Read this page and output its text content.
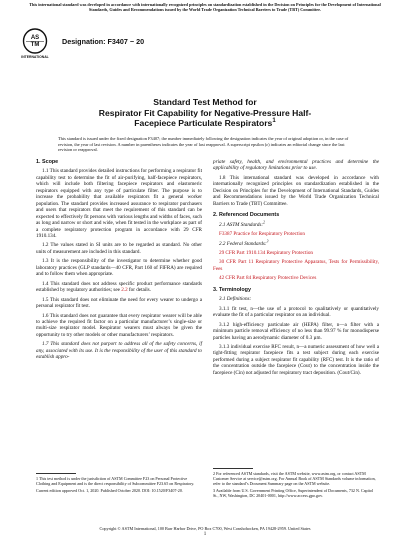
This international standard was developed in accordance with internationally recognized principles on standardization established in the Decision on Principles for the Development of International Standards, Guides and Recommendations issued by the World Trade Organization Technical Barriers to Trade (TBT) Committee.
AS
TM
INTERNATIONAL
Designation: F3407 − 20
Standard Test Method for
Respirator Fit Capability for Negative-Pressure Half-
Facepiece Particulate Respirators$^1$
This standard is issued under the fixed designation F3407; the number immediately following the designation indicates the year of original adoption or, in the case of revision, the year of last revision. A number in parentheses indicates the year of last reapproval. A superscript epsilon (ε) indicates an editorial change since the last revision or reapproval.
1. Scope

1.1 This standard provides detailed instructions for performing a respirator fit capability test to determine the fit of air-purifying, half-facepiece respirators, which will include both filtering facepiece respirators and elastomeric respirators equipped with any type of particulate filter. The purpose is to increase the probability that available respirators fit a general worker population. The standard provides increased assurance to respirator purchasers and users that respirators that meet the requirement of this standard can be expected to effectively fit persons with various lengths and widths of faces, such as long and narrow or short and wide, when fit tested in the workplace as part of a complete respiratory protection program in accordance with 29 CFR 1910.134.

1.2 The values stated in SI units are to be regarded as standard. No other units of measurement are included in this standard.

1.3 It is the responsibility of the investigator to determine whether good laboratory practices (GLP standards—40 CFR, Part 160 of FIFRA) are required and to follow them when appropriate.

1.4 This standard does not address specific product performance standards established by regulatory authorities; see 2.2 for details.

1.5 This standard does not eliminate the need for every wearer to undergo a personal respirator fit test.

1.6 This standard does not guarantee that every respirator wearer will be able to achieve the required fit factor on a particular manufacturer’s single-size or multi-size respirator model. Respirator wearers must always be given the opportunity to try other models or other manufacturers’ respirators.

1.7 This standard does not purport to address all of the safety concerns, if any, associated with its use. It is the responsibility of the user of this standard to establish appro-

priate safety, health, and environmental practices and determine the applicability of regulatory limitations prior to use.

1.8 This international standard was developed in accordance with internationally recognized principles on standardization established in the Decision on Principles for the Development of International Standards, Guides and Recommendations issued by the World Trade Organization Technical Barriers to Trade (TBT) Committee.

2. Referenced Documents

2.1 ASTM Standards:$^2$

F3387 Practice for Respiratory Protection

2.2 Federal Standards:$^3$

29 CFR Part 1910.134 Respiratory Protection

30 CFR Part 11 Respiratory Protective Apparatus, Tests for Permissibility, Fees

42 CFR Part 84 Respiratory Protective Devices

3. Terminology

3.1 Definitions:

3.1.1 fit test, n—the use of a protocol to qualitatively or quantitatively evaluate the fit of a particular respirator on an individual.

3.1.2 high-efficiency particulate air (HEPA) filter, n—a filter with a minimum particle removal efficiency of no less than 99.97 % for monodisperse particles having an aerodynamic diameter of 0.3 µm.

3.1.3 individual exercise RFC result, n—a numeric assessment of how well a tight-fitting respirator facepiece fits a test subject during each exercise performed during a subject respirator fit capability (RFC) test. It is the ratio of the concentration outside the facepiece (Cout) to the concentration inside the facepiece (Cin) not adjusted for respiratory tract deposition. (Cout/Cin).

1 This test method is under the jurisdiction of ASTM Committee F23 on Personal Protective Clothing and Equipment and is the direct responsibility of Subcommittee F23.65 on Respiratory.

Current edition approved Oct. 1, 2020. Published October 2020. DOI: 10.1520/F3407-20.

2 For referenced ASTM standards, visit the ASTM website, www.astm.org, or contact ASTM Customer Service at service@astm.org. For Annual Book of ASTM Standards volume information, refer to the standard’s Document Summary page on the ASTM website.

3 Available from U.S. Government Printing Office, Superintendent of Documents, 732 N. Capitol St., NW, Washington, DC 20401-0001, http://www.access.gpo.gov.

Copyright © ASTM International, 100 Barr Harbor Drive, PO Box C700, West Conshohocken, PA 19428-2959. United States
1
